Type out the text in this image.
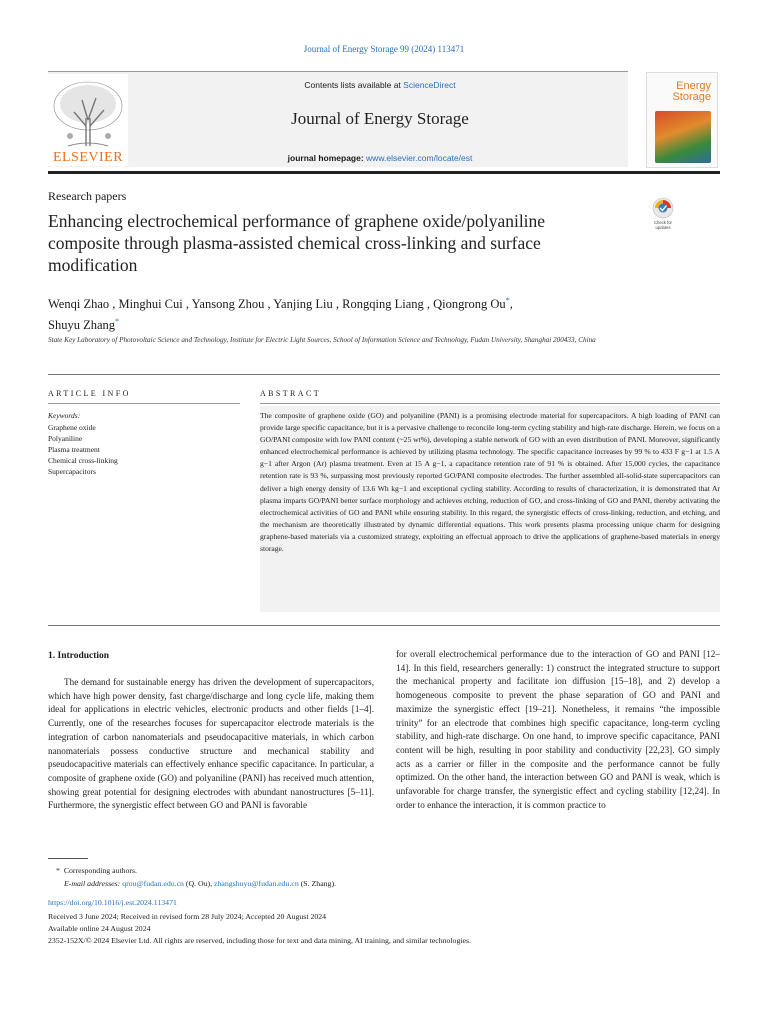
Journal of Energy Storage 99 (2024) 113471
ELSEVIER
Contents lists available at ScienceDirect
Journal of Energy Storage
journal homepage: www.elsevier.com/locate/est
Energy
Storage
Research papers
Enhancing electrochemical performance of graphene oxide/polyaniline composite through plasma-assisted chemical cross-linking and surface modification
Check for
updates
Wenqi Zhao , Minghui Cui , Yansong Zhou , Yanjing Liu , Rongqing Liang , Qiongrong Ou*,
Shuyu Zhang*
State Key Laboratory of Photovoltaic Science and Technology, Institute for Electric Light Sources, School of Information Science and Technology, Fudan University, Shanghai 200433, China
ARTICLE INFO
Keywords:
Graphene oxide
Polyaniline
Plasma treatment
Chemical cross-linking
Supercapacitors
ABSTRACT
The composite of graphene oxide (GO) and polyaniline (PANI) is a promising electrode material for supercapacitors. A high loading of PANI can provide large specific capacitance, but it is a pervasive challenge to reconcile long-term cycling stability and high-rate discharge. Herein, we focus on a GO/PANI composite with low PANI content (~25 wt%), developing a stable network of GO with an even distribution of PANI. Moreover, significantly enhanced electrochemical performance is achieved by utilizing plasma technology. The specific capacitance increases by 99 % to 433 F g−1 at 1.5 A g−1 after Argon (Ar) plasma treatment. Even at 15 A g−1, a capacitance retention rate of 91 % is obtained. After 15,000 cycles, the capacitance retention rate is 93 %, surpassing most previously reported GO/PANI composite electrodes. The further assembled all-solid-state supercapacitors can deliver a high energy density of 13.6 Wh kg−1 and exceptional cycling stability. According to results of characterization, it is demonstrated that Ar plasma imparts GO/PANI better surface morphology and achieves etching, reduction of GO, and cross-linking of GO and PANI, thereby activating the electrochemical activities of GO and PANI while ensuring stability. In this regard, the synergistic effects of cross-linking, reduction, and etching, and the mechanism are theoretically illustrated by dynamic differential equations. This work presents plasma processing unique charm for designing graphene-based materials via a customized strategy, exploiting an effectual approach to drive the applications of graphene-based materials in energy storage.
1. Introduction
The demand for sustainable energy has driven the development of supercapacitors, which have high power density, fast charge/discharge and long cycle life, making them ideal for applications in electric vehicles, electronic products and other fields [1–4]. Currently, one of the researches focuses for supercapacitor electrode materials is the integration of carbon nanomaterials and pseudocapacitive materials, in which carbon nanomaterials possess conductive structure and mechanical stability and pseudocapacitive materials can effectively enhance specific capacitance. In particular, a composite of graphene oxide (GO) and polyaniline (PANI) has received much attention, showing great potential for designing electrodes with abundant nanostructures [5–11]. Furthermore, the synergistic effect between GO and PANI is favorable
for overall electrochemical performance due to the interaction of GO and PANI [12–14]. In this field, researchers generally: 1) construct the integrated structure to support the mechanical property and facilitate ion diffusion [15–18], and 2) develop a homogeneous composite to prevent the phase separation of GO and PANI and maximize the synergistic effect [19–21]. Nonetheless, it remains “the impossible trinity” for an electrode that combines high specific capacitance, long-term cycling stability, and high-rate discharge. On one hand, to improve specific capacitance, PANI content will be high, resulting in poor stability and conductivity [22,23]. GO simply acts as a carrier or filler in the composite and the performance cannot be fully optimized. On the other hand, the interaction between GO and PANI is weak, which is unfavorable for charge transfer, the synergistic effect and cycling stability [12,24]. In order to enhance the interaction, it is common practice to
* Corresponding authors.
E-mail addresses: qrou@fudan.edu.cn (Q. Ou), zhangshuyu@fudan.edu.cn (S. Zhang).
https://doi.org/10.1016/j.est.2024.113471
Received 3 June 2024; Received in revised form 28 July 2024; Accepted 20 August 2024
Available online 24 August 2024
2352-152X/© 2024 Elsevier Ltd. All rights are reserved, including those for text and data mining, AI training, and similar technologies.
